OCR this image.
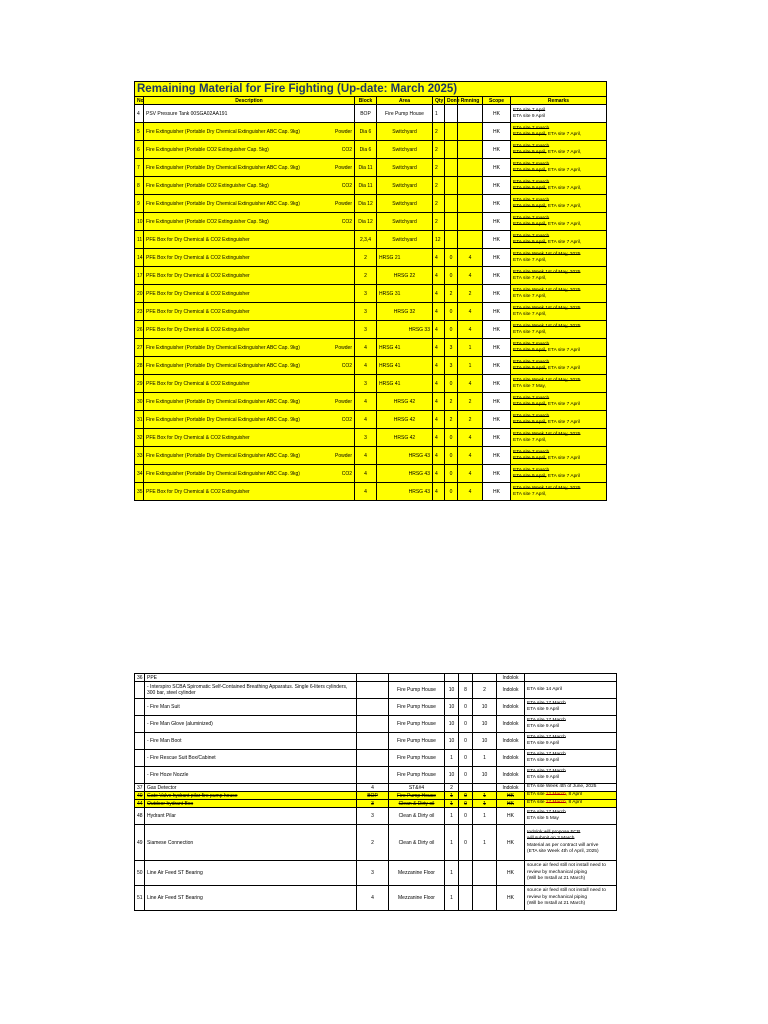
Remaining Material for Fire Fighting (Up-date: March 2025)								
No	Description	Block	Area	Qty	Done	Rmning	Scope	Remarks
4	PSV Pressure Tank 00SGA02AA191	BOP	Fire Pump House	1			HK	ETA site 7 April
ETA site 9 April
5	Fire Extinguisher (Portable Dry Chemical Extinguisher ABC Cap. 9kg) Powder	Dia 6	Switchyard	2			HK	ETA site 7 march
ETA site 9 April, ETA site 7 April,
6	Fire Extinguisher (Portable CO2 Extinguisher Cap. 5kg) CO2	Dia 6	Switchyard	2			HK	ETA site 7 march
ETA site 9 April, ETA site 7 April,
7	Fire Extinguisher (Portable Dry Chemical Extinguisher ABC Cap. 9kg) Powder	Dia 11	Switchyard	2			HK	ETA site 7 march
ETA site 9 April, ETA site 7 April,
8	Fire Extinguisher (Portable CO2 Extinguisher Cap. 5kg) CO2	Dia 11	Switchyard	2			HK	ETA site 7 march
ETA site 9 April, ETA site 7 April,
9	Fire Extinguisher (Portable Dry Chemical Extinguisher ABC Cap. 9kg) Powder	Dia 12	Switchyard	2			HK	ETA site 7 march
ETA site 9 April, ETA site 7 April,
10	Fire Extinguisher (Portable CO2 Extinguisher Cap. 5kg) CO2	Dia 12	Switchyard	2			HK	ETA site 7 march
ETA site 9 April, ETA site 7 April,
11	PFE Box for Dry Chemical & CO2 Extinguisher	2,3,4	Switchyard	12			HK	ETA site 7 march
ETA site 9 April, ETA site 7 April,
14	PFE Box for Dry Chemical & CO2 Extinguisher	2	HRSG 21	4	0	4	HK	ETA site Week 1st of May, 2025
ETA site 7 April,
17	PFE Box for Dry Chemical & CO2 Extinguisher	2	HRSG 22	4	0	4	HK	ETA site Week 1st of May, 2025
ETA site 7 April,
20	PFE Box for Dry Chemical & CO2 Extinguisher	3	HRSG 31	4	2	2	HK	ETA site Week 1st of May, 2025
ETA site 7 April,
23	PFE Box for Dry Chemical & CO2 Extinguisher	3	HRSG 32	4	0	4	HK	ETA site Week 1st of May, 2025
ETA site 7 April,
26	PFE Box for Dry Chemical & CO2 Extinguisher	3	HRSG 33	4	0	4	HK	ETA site Week 1st of May, 2025
ETA site 7 April,
27	Fire Extinguisher (Portable Dry Chemical Extinguisher ABC Cap. 9kg) Powder	4	HRSG 41	4	3	1	HK	ETA site 7 march
ETA site 9 April, ETA site 7 April
28	Fire Extinguisher (Portable Dry Chemical Extinguisher ABC Cap. 9kg) CO2	4	HRSG 41	4	3	1	HK	ETA site 7 march
ETA site 9 April, ETA site 7 April
29	PFE Box for Dry Chemical & CO2 Extinguisher	3	HRSG 41	4	0	4	HK	ETA site Week 1st of May, 2025
ETA site 7 May,
30	Fire Extinguisher (Portable Dry Chemical Extinguisher ABC Cap. 9kg) Powder	4	HRSG 42	4	2	2	HK	ETA site 7 march
ETA site 9 April, ETA site 7 April
31	Fire Extinguisher (Portable Dry Chemical Extinguisher ABC Cap. 9kg) CO2	4	HRSG 42	4	2	2	HK	ETA site 7 march
ETA site 9 April, ETA site 7 April
32	PFE Box for Dry Chemical & CO2 Extinguisher	3	HRSG 42	4	0	4	HK	ETA site Week 1st of May, 2025
ETA site 7 April,
33	Fire Extinguisher (Portable Dry Chemical Extinguisher ABC Cap. 9kg) Powder	4	HRSG 43	4	0	4	HK	ETA site 7 march
ETA site 9 April, ETA site 7 April
34	Fire Extinguisher (Portable Dry Chemical Extinguisher ABC Cap. 9kg) CO2	4	HRSG 43	4	0	4	HK	ETA site 7 march
ETA site 9 April, ETA site 7 April
35	PFE Box for Dry Chemical & CO2 Extinguisher	4	HRSG 43	4	0	4	HK	ETA site Week 1st of May, 2025
ETA site 7 April,
36	PPE						Indolok	
	- Interspiro SCBA Spiromatic Self-Contained Breathing Apparatus. Single 6-liters cylinders, 300 bar, steel cylinder		Fire Pump House	10	8	2	Indolok	ETA site 14 April
	- Fire Man Suit		Fire Pump House	10	0	10	Indolok	ETA site 17 March
ETA site 9 April
	- Fire Man Glove (aluminized)		Fire Pump House	10	0	10	Indolok	ETA site 17 March
ETA site 9 April
	- Fire Man Boot		Fire Pump House	10	0	10	Indolok	ETA site 17 March
ETA site 9 April
	- Fire Rescue Suit Box/Cabinet		Fire Pump House	1	0	1	Indolok	ETA site 17 March
ETA site 9 April
	- Fire Hoze Nozzle		Fire Pump House	10	0	10	Indolok	ETA site 17 March
ETA site 9 April
37	Gas Detector	4	ST&#4	2			Indolok	ETA site Week 4th of June, 2025
40	Gate Valve hydrant pilar fire pump house	BOP	Fire Pump House	1	0	1	HK	ETA site 12 March, 8 April
44	Outdoor hydrant Box	3	Clean & Dirty oil	1	0	1	HK	ETA site 17 March, 8 April
48	Hydrant Pilar	3	Clean & Dirty oil	1	0	1	HK	ETA site 17 March
ETA site 5 May
49	Siamese Connection	2	Clean & Dirty oil	1	0	1	HK	Indolok will propose FCR
will submit on 3 March
Material as per contract will arrive
(ETA site Week 4th of April, 2025)
50	Line Air Feed ST Bearing	3	Mezzanine Floor	1			HK	source air feed still not install need to
review by mechanical piping
(Will be Install at 21 March)
51	Line Air Feed ST Bearing	4	Mezzanine Floor	1			HK	source air feed still not install need to
review by mechanical piping
(Will be Install at 21 March)
